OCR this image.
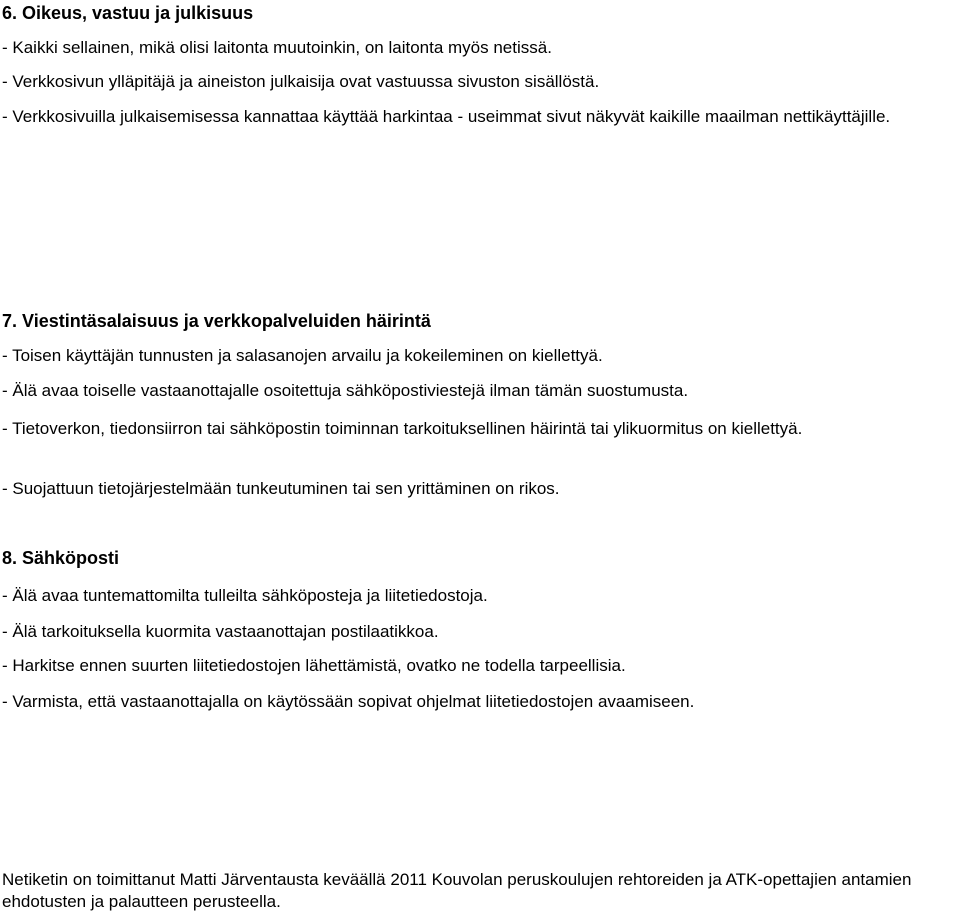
6. Oikeus, vastuu ja julkisuus
- Kaikki sellainen, mikä olisi laitonta muutoinkin, on laitonta myös netissä.
- Verkkosivun ylläpitäjä ja aineiston julkaisija ovat vastuussa sivuston sisällöstä.
- Verkkosivuilla julkaisemisessa kannattaa käyttää harkintaa - useimmat sivut näkyvät kaikille maailman nettikäyttäjille.
7. Viestintäsalaisuus ja verkkopalveluiden häirintä
- Toisen käyttäjän tunnusten ja salasanojen arvailu ja kokeileminen on kiellettyä.
- Älä avaa toiselle vastaanottajalle osoitettuja sähköpostiviestejä ilman tämän suostumusta.
- Tietoverkon, tiedonsiirron tai sähköpostin toiminnan tarkoituksellinen häirintä tai ylikuormitus on kiellettyä.
- Suojattuun tietojärjestelmään tunkeutuminen tai sen yrittäminen on rikos.
8. Sähköposti
- Älä avaa tuntemattomilta tulleilta sähköposteja ja liitetiedostoja.
- Älä tarkoituksella kuormita vastaanottajan postilaatikkoa.
- Harkitse ennen suurten liitetiedostojen lähettämistä, ovatko ne todella tarpeellisia.
- Varmista, että vastaanottajalla on käytössään sopivat ohjelmat liitetiedostojen avaamiseen.
Netiketin on toimittanut Matti Järventausta keväällä 2011 Kouvolan peruskoulujen rehtoreiden ja ATK-opettajien antamien ehdotusten ja palautteen perusteella.
